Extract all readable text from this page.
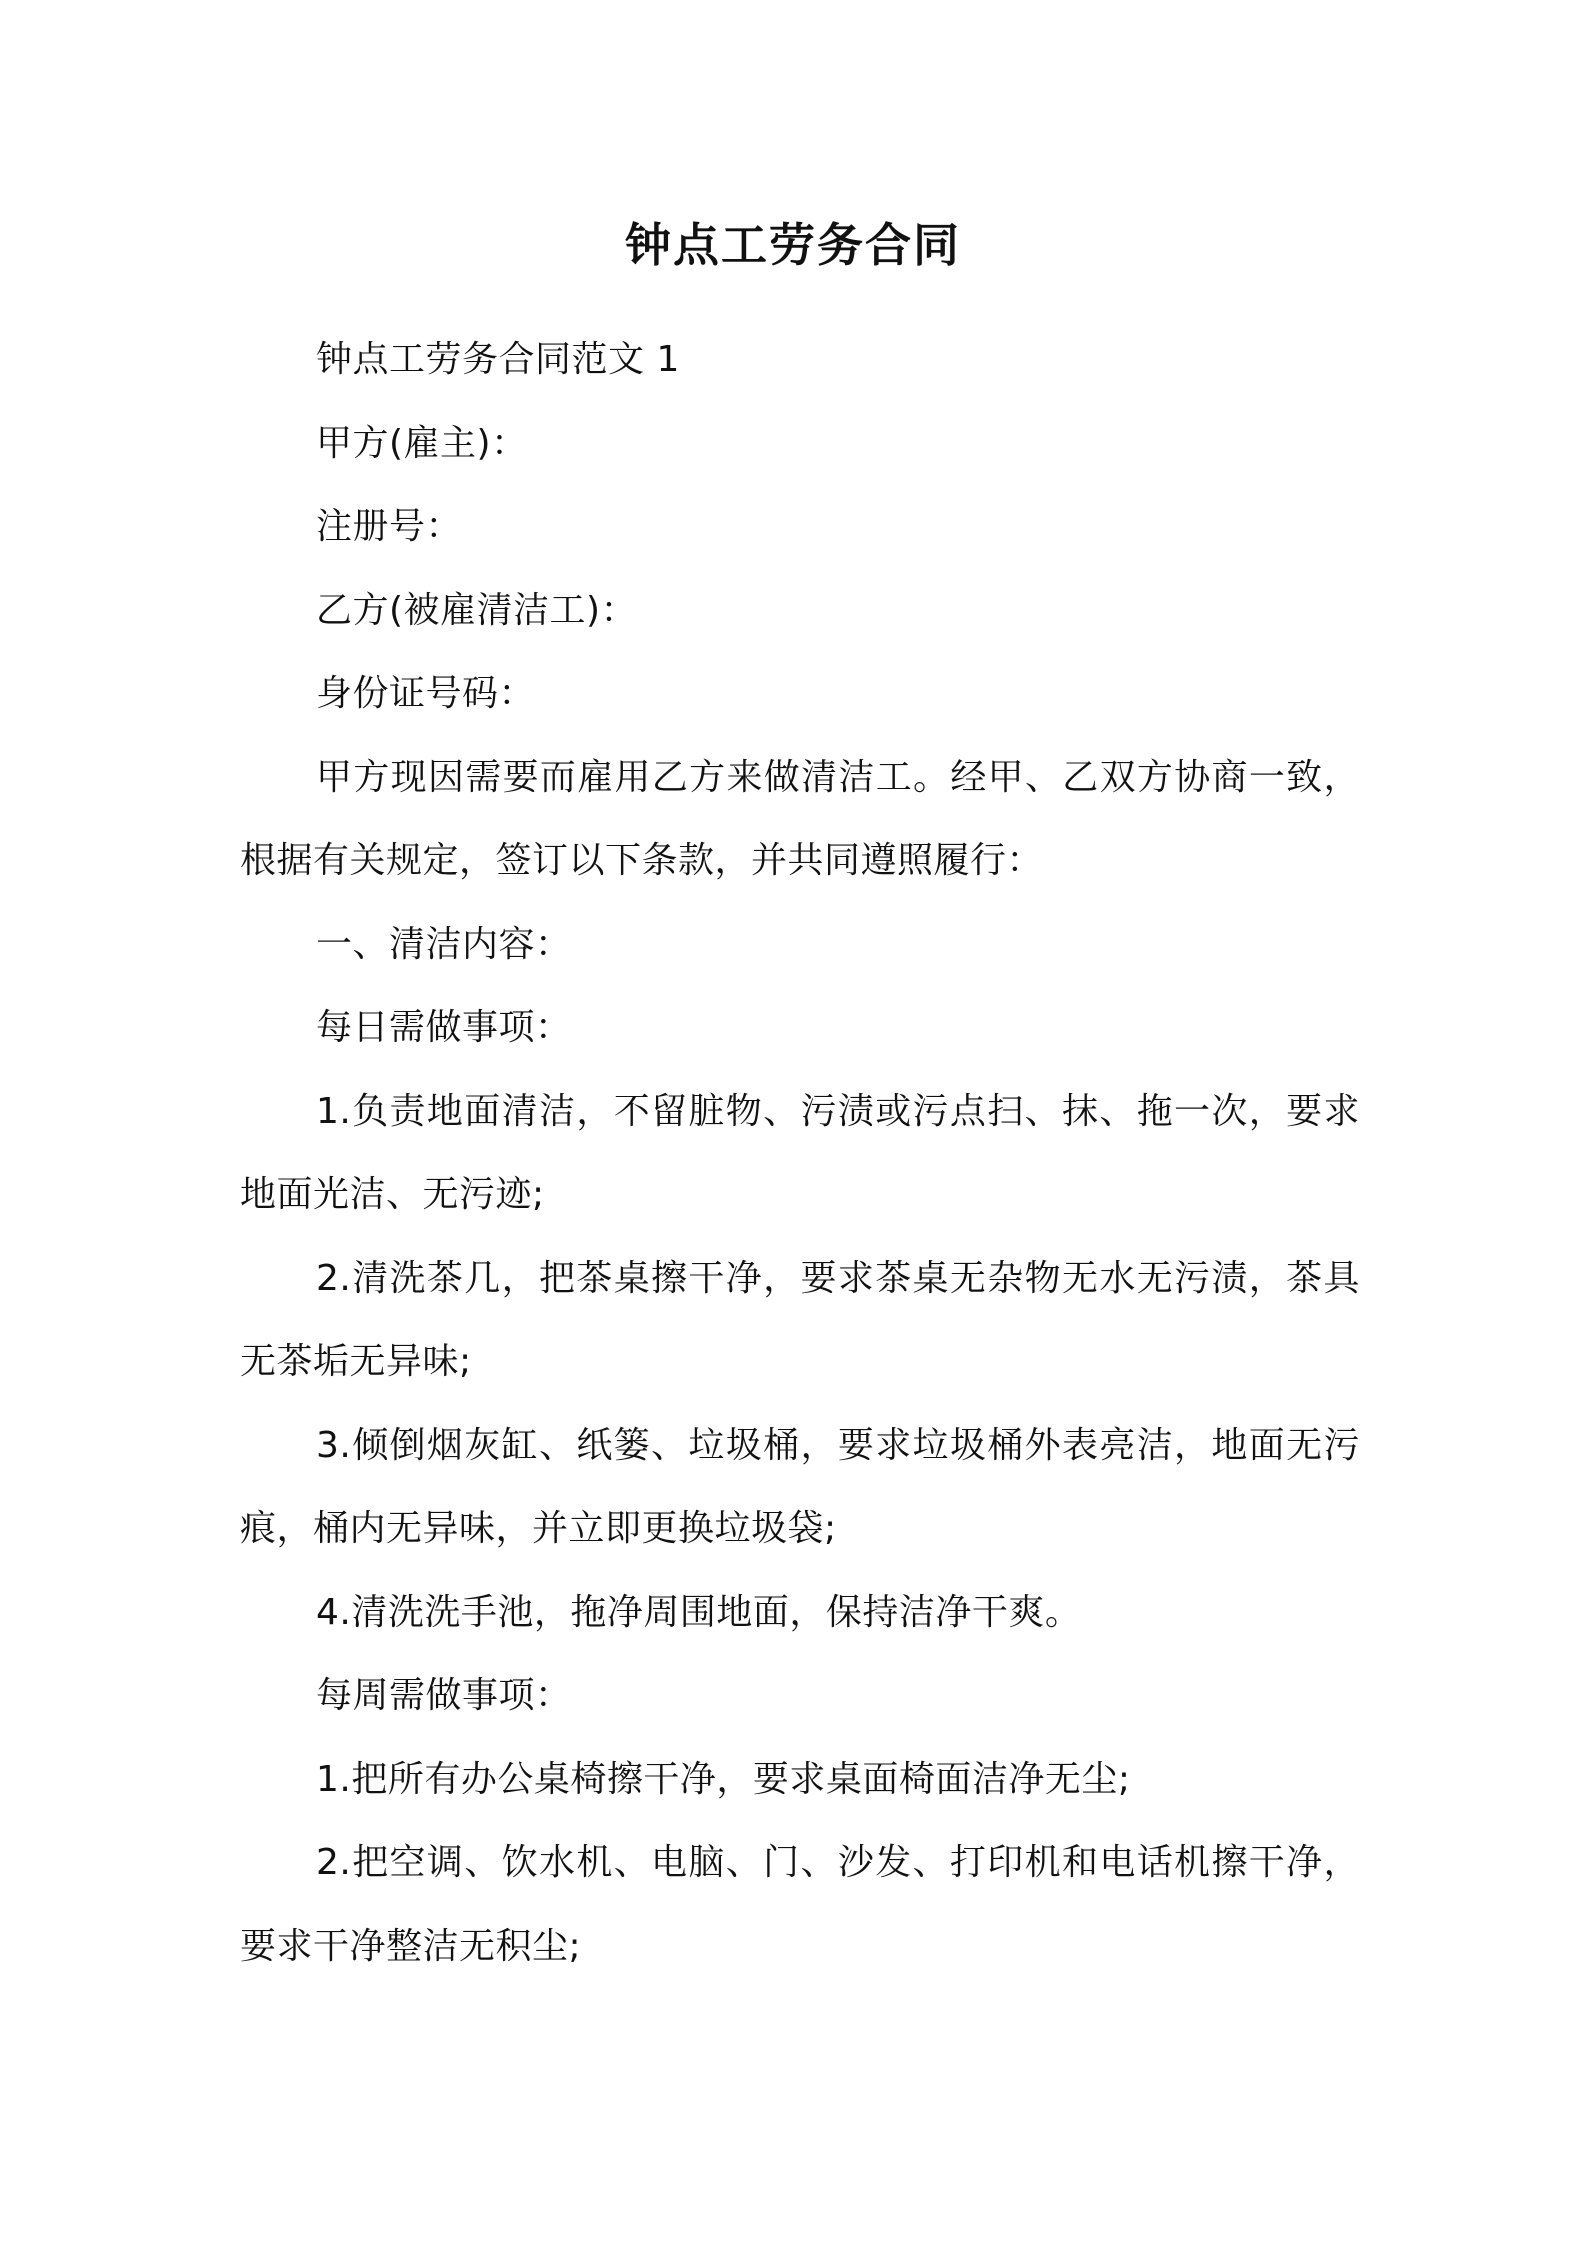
钟点工劳务合同

钟点工劳务合同范文 1

甲方(雇主)：

注册号：

乙方(被雇清洁工)：

身份证号码：

甲方现因需要而雇用乙方来做清洁工。经甲、乙双方协商一致，根据有关规定，签订以下条款，并共同遵照履行：

一、清洁内容：

每日需做事项：

1.负责地面清洁，不留脏物、污渍或污点扫、抹、拖一次，要求地面光洁、无污迹;

2.清洗茶几，把茶桌擦干净，要求茶桌无杂物无水无污渍，茶具无茶垢无异味;

3.倾倒烟灰缸、纸篓、垃圾桶，要求垃圾桶外表亮洁，地面无污痕，桶内无异味，并立即更换垃圾袋;

4.清洗洗手池，拖净周围地面，保持洁净干爽。

每周需做事项：

1.把所有办公桌椅擦干净，要求桌面椅面洁净无尘;

2.把空调、饮水机、电脑、门、沙发、打印机和电话机擦干净，要求干净整洁无积尘;
